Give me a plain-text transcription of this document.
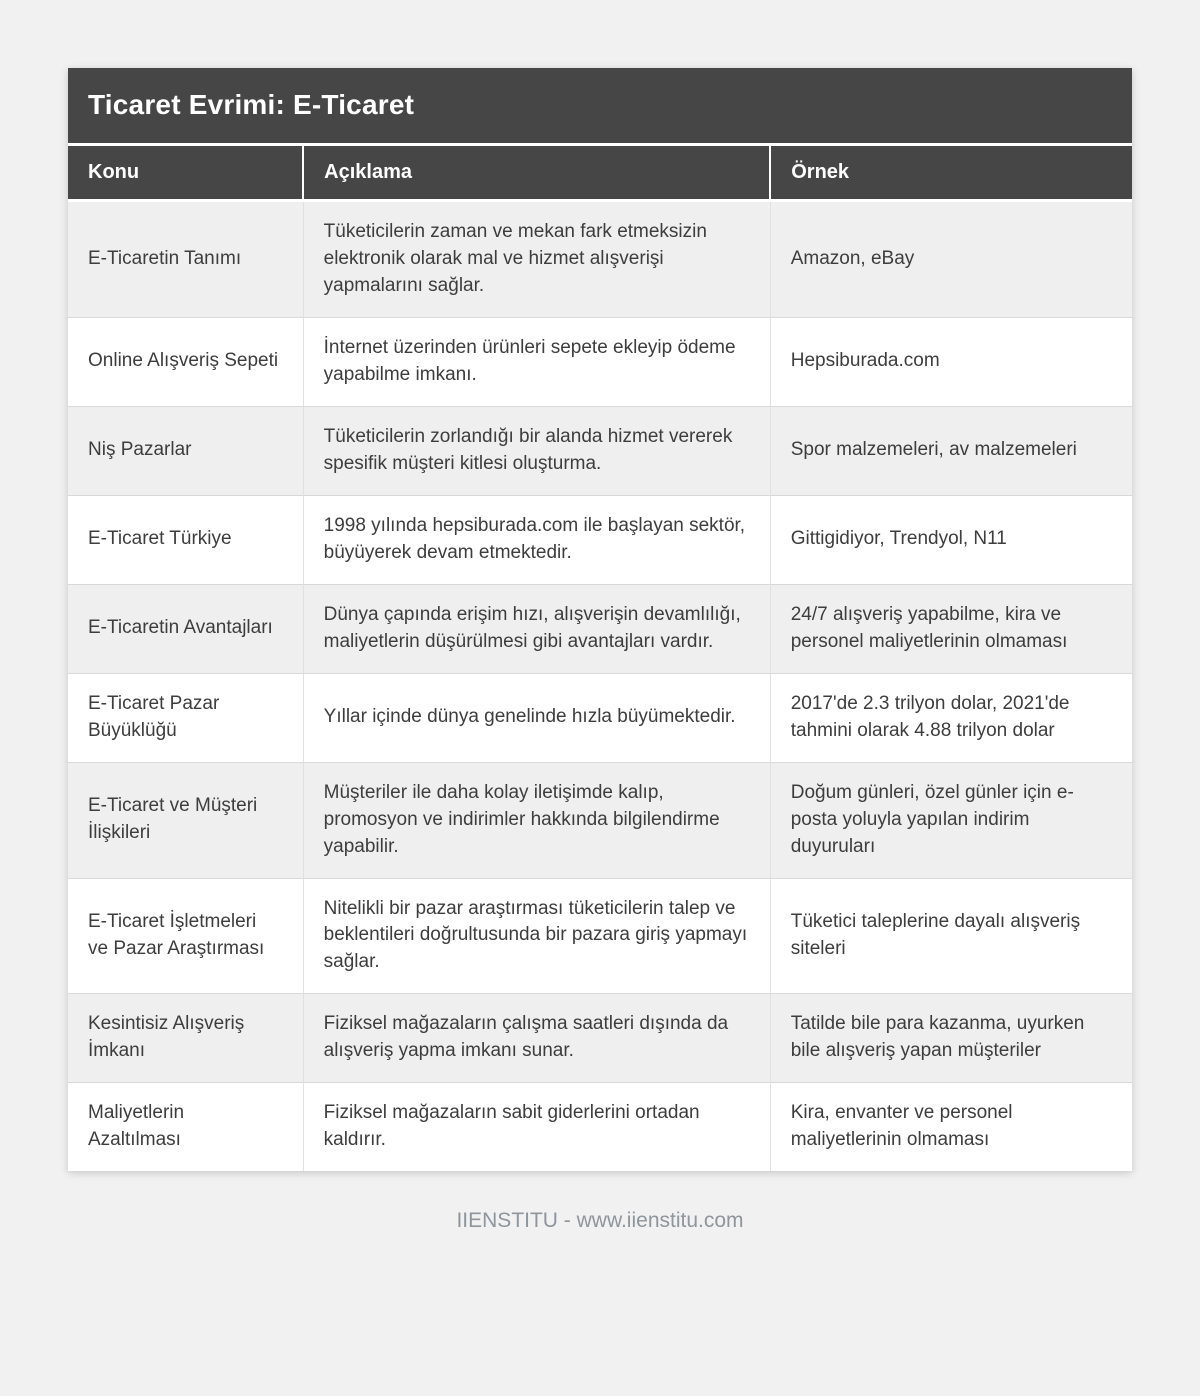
Ticaret Evrimi: E-Ticaret
Konu	Açıklama	Örnek
E-Ticaretin Tanımı	Tüketicilerin zaman ve mekan fark etmeksizin elektronik olarak mal ve hizmet alışverişi yapmalarını sağlar.	Amazon, eBay
Online Alışveriş Sepeti	İnternet üzerinden ürünleri sepete ekleyip ödeme yapabilme imkanı.	Hepsiburada.com
Niş Pazarlar	Tüketicilerin zorlandığı bir alanda hizmet vererek spesifik müşteri kitlesi oluşturma.	Spor malzemeleri, av malzemeleri
E-Ticaret Türkiye	1998 yılında hepsiburada.com ile başlayan sektör, büyüyerek devam etmektedir.	Gittigidiyor, Trendyol, N11
E-Ticaretin Avantajları	Dünya çapında erişim hızı, alışverişin devamlılığı, maliyetlerin düşürülmesi gibi avantajları vardır.	24/7 alışveriş yapabilme, kira ve personel maliyetlerinin olmaması
E-Ticaret Pazar Büyüklüğü	Yıllar içinde dünya genelinde hızla büyümektedir.	2017'de 2.3 trilyon dolar, 2021'de tahmini olarak 4.88 trilyon dolar
E-Ticaret ve Müşteri İlişkileri	Müşteriler ile daha kolay iletişimde kalıp, promosyon ve indirimler hakkında bilgilendirme yapabilir.	Doğum günleri, özel günler için e-posta yoluyla yapılan indirim duyuruları
E-Ticaret İşletmeleri ve Pazar Araştırması	Nitelikli bir pazar araştırması tüketicilerin talep ve beklentileri doğrultusunda bir pazara giriş yapmayı sağlar.	Tüketici taleplerine dayalı alışveriş siteleri
Kesintisiz Alışveriş İmkanı	Fiziksel mağazaların çalışma saatleri dışında da alışveriş yapma imkanı sunar.	Tatilde bile para kazanma, uyurken bile alışveriş yapan müşteriler
Maliyetlerin Azaltılması	Fiziksel mağazaların sabit giderlerini ortadan kaldırır.	Kira, envanter ve personel maliyetlerinin olmaması
IIENSTITU - www.iienstitu.com
